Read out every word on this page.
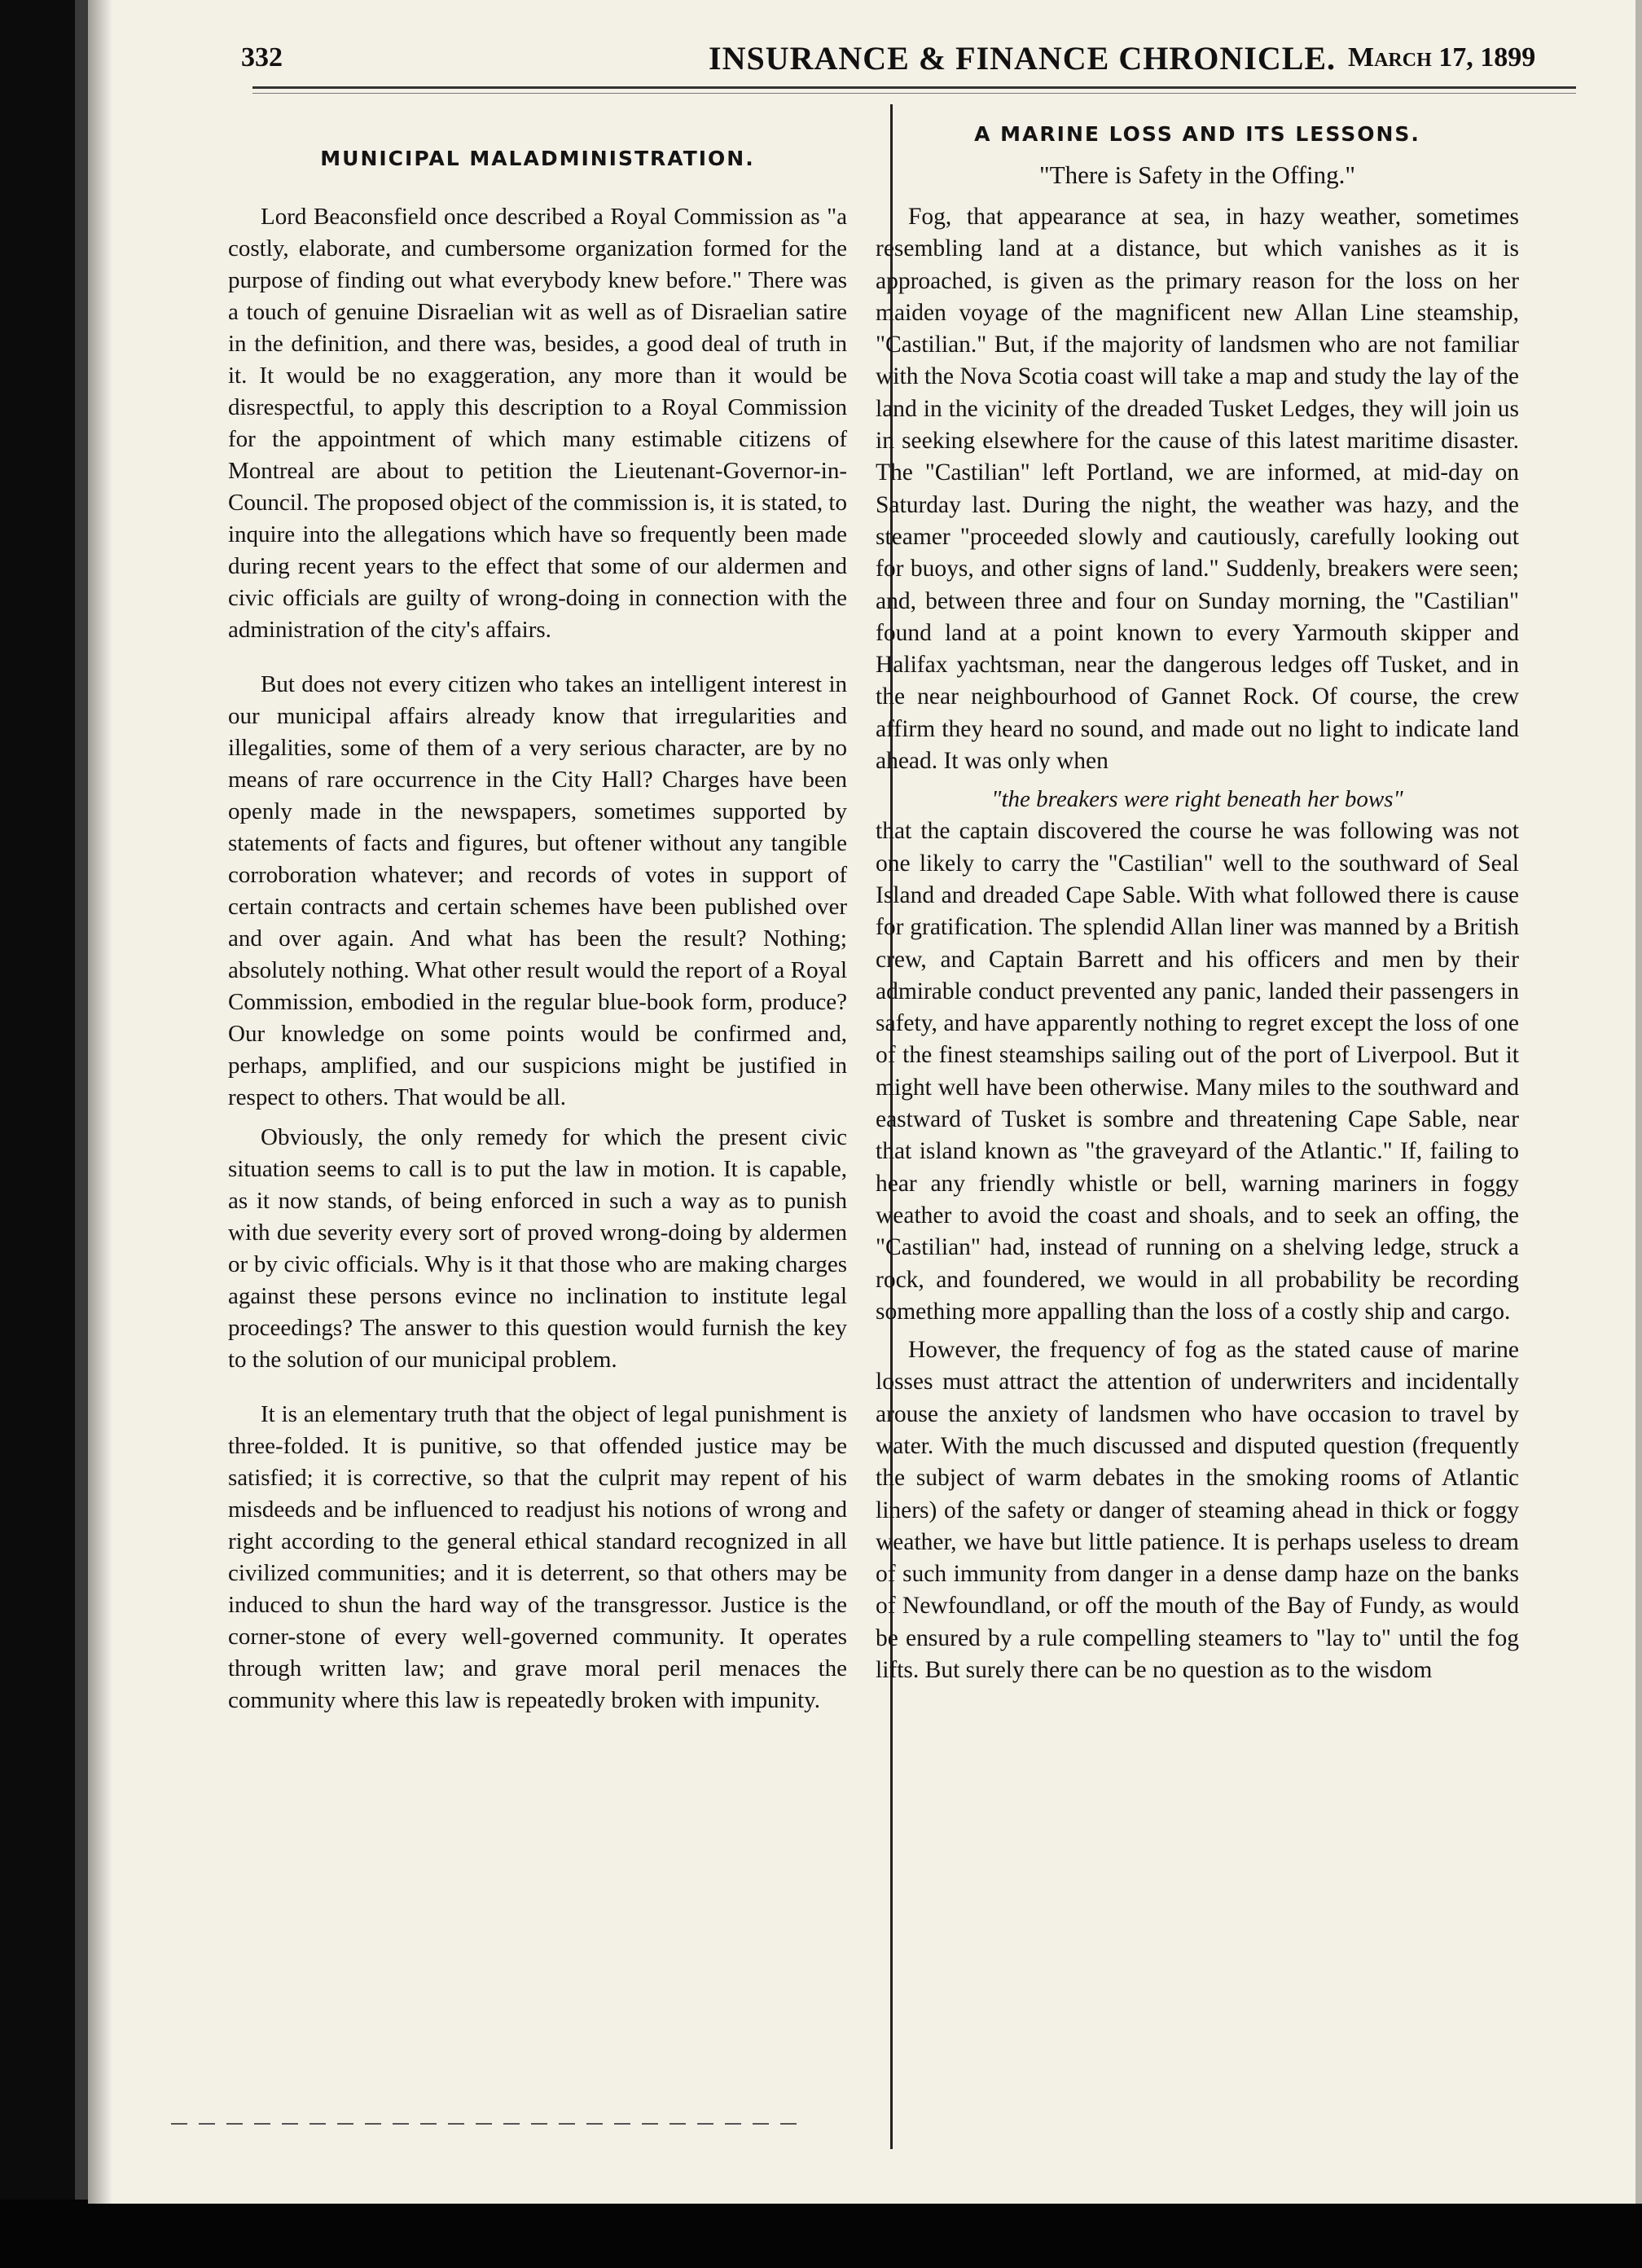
332	INSURANCE & FINANCE CHRONICLE. March 17, 1899
MUNICIPAL MALADMINISTRATION.

Lord Beaconsfield once described a Royal Commission as "a costly, elaborate, and cumbersome organization formed for the purpose of finding out what everybody knew before." There was a touch of genuine Disraelian wit as well as of Disraelian satire in the definition, and there was, besides, a good deal of truth in it. It would be no exaggeration, any more than it would be disrespectful, to apply this description to a Royal Commission for the appointment of which many estimable citizens of Montreal are about to petition the Lieutenant-Governor-in-Council. The proposed object of the commission is, it is stated, to inquire into the allegations which have so frequently been made during recent years to the effect that some of our aldermen and civic officials are guilty of wrong-doing in connection with the administration of the city's affairs.

But does not every citizen who takes an intelligent interest in our municipal affairs already know that irregularities and illegalities, some of them of a very serious character, are by no means of rare occurrence in the City Hall? Charges have been openly made in the newspapers, sometimes supported by statements of facts and figures, but oftener without any tangible corroboration whatever; and records of votes in support of certain contracts and certain schemes have been published over and over again. And what has been the result? Nothing; absolutely nothing. What other result would the report of a Royal Commission, embodied in the regular blue-book form, produce? Our knowledge on some points would be confirmed and, perhaps, amplified, and our suspicions might be justified in respect to others. That would be all.

Obviously, the only remedy for which the present civic situation seems to call is to put the law in motion. It is capable, as it now stands, of being enforced in such a way as to punish with due severity every sort of proved wrong-doing by aldermen or by civic officials. Why is it that those who are making charges against these persons evince no inclination to institute legal proceedings? The answer to this question would furnish the key to the solution of our municipal problem.

It is an elementary truth that the object of legal punishment is three-folded. It is punitive, so that offended justice may be satisfied; it is corrective, so that the culprit may repent of his misdeeds and be influenced to readjust his notions of wrong and right according to the general ethical standard recognized in all civilized communities; and it is deterrent, so that others may be induced to shun the hard way of the transgressor. Justice is the corner-stone of every well-governed community. It operates through written law; and grave moral peril menaces the community where this law is repeatedly broken with impunity.

A MARINE LOSS AND ITS LESSONS.
"There is Safety in the Offing."

Fog, that appearance at sea, in hazy weather, sometimes resembling land at a distance, but which vanishes as it is approached, is given as the primary reason for the loss on her maiden voyage of the magnificent new Allan Line steamship, "Castilian." But, if the majority of landsmen who are not familiar with the Nova Scotia coast will take a map and study the lay of the land in the vicinity of the dreaded Tusket Ledges, they will join us in seeking elsewhere for the cause of this latest maritime disaster. The "Castilian" left Portland, we are informed, at mid-day on Saturday last. During the night, the weather was hazy, and the steamer "proceeded slowly and cautiously, carefully looking out for buoys, and other signs of land." Suddenly, breakers were seen; and, between three and four on Sunday morning, the "Castilian" found land at a point known to every Yarmouth skipper and Halifax yachtsman, near the dangerous ledges off Tusket, and in the near neighbourhood of Gannet Rock. Of course, the crew affirm they heard no sound, and made out no light to indicate land ahead. It was only when

"the breakers were right beneath her bows"

that the captain discovered the course he was following was not one likely to carry the "Castilian" well to the southward of Seal Island and dreaded Cape Sable. With what followed there is cause for gratification. The splendid Allan liner was manned by a British crew, and Captain Barrett and his officers and men by their admirable conduct prevented any panic, landed their passengers in safety, and have apparently nothing to regret except the loss of one of the finest steamships sailing out of the port of Liverpool. But it might well have been otherwise. Many miles to the southward and eastward of Tusket is sombre and threatening Cape Sable, near that island known as "the graveyard of the Atlantic." If, failing to hear any friendly whistle or bell, warning mariners in foggy weather to avoid the coast and shoals, and to seek an offing, the "Castilian" had, instead of running on a shelving ledge, struck a rock, and foundered, we would in all probability be recording something more appalling than the loss of a costly ship and cargo.

However, the frequency of fog as the stated cause of marine losses must attract the attention of underwriters and incidentally arouse the anxiety of landsmen who have occasion to travel by water. With the much discussed and disputed question (frequently the subject of warm debates in the smoking rooms of Atlantic liners) of the safety or danger of steaming ahead in thick or foggy weather, we have but little patience. It is perhaps useless to dream of such immunity from danger in a dense damp haze on the banks of Newfoundland, or off the mouth of the Bay of Fundy, as would be ensured by a rule compelling steamers to "lay to" until the fog lifts. But surely there can be no question as to the wisdom
